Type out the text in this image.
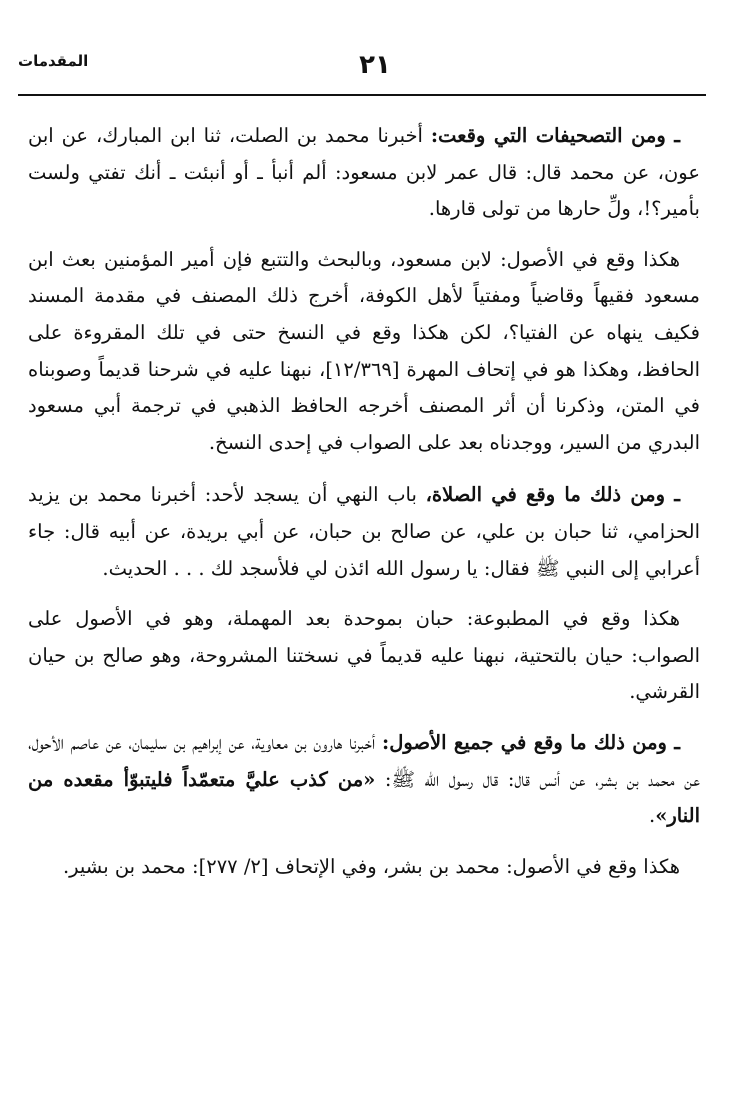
٢١
المقدمات

ـ ومن التصحيفات التي وقعت: أخبرنا محمد بن الصلت، ثنا ابن المبارك، عن ابن عون، عن محمد قال: قال عمر لابن مسعود: ألم أنبأ ـ أو أنبئت ـ أنك تفتي ولست بأمير؟!، ولِّ حارها من تولى قارها.

هكذا وقع في الأصول: لابن مسعود، وبالبحث والتتبع فإن أمير المؤمنين بعث ابن مسعود فقيهاً وقاضياً ومفتياً لأهل الكوفة، أخرج ذلك المصنف في مقدمة المسند فكيف ينهاه عن الفتيا؟، لكن هكذا وقع في النسخ حتى في تلك المقروءة على الحافظ، وهكذا هو في إتحاف المهرة [١٢/٣٦٩]، نبهنا عليه في شرحنا قديماً وصوبناه في المتن، وذكرنا أن أثر المصنف أخرجه الحافظ الذهبي في ترجمة أبي مسعود البدري من السير، ووجدناه بعد على الصواب في إحدى النسخ.

ـ ومن ذلك ما وقع في الصلاة، باب النهي أن يسجد لأحد: أخبرنا محمد بن يزيد الحزامي، ثنا حبان بن علي، عن صالح بن حبان، عن أبي بريدة، عن أبيه قال: جاء أعرابي إلى النبي ﷺ فقال: يا رسول الله ائذن لي فلأسجد لك . . . الحديث.

هكذا وقع في المطبوعة: حبان بموحدة بعد المهملة، وهو في الأصول على الصواب: حيان بالتحتية، نبهنا عليه قديماً في نسختنا المشروحة، وهو صالح بن حيان القرشي.

ـ ومن ذلك ما وقع في جميع الأصول: أخبرنا هارون بن معاوية، عن إبراهيم بن سليمان، عن عاصم الأحول، عن محمد بن بشر، عن أنس قال: قال رسول الله ﷺ: «من كذب عليَّ متعمّداً فليتبوّأ مقعده من النار».

هكذا وقع في الأصول: محمد بن بشر، وفي الإتحاف [٢/ ٢٧٧]: محمد بن بشير.
